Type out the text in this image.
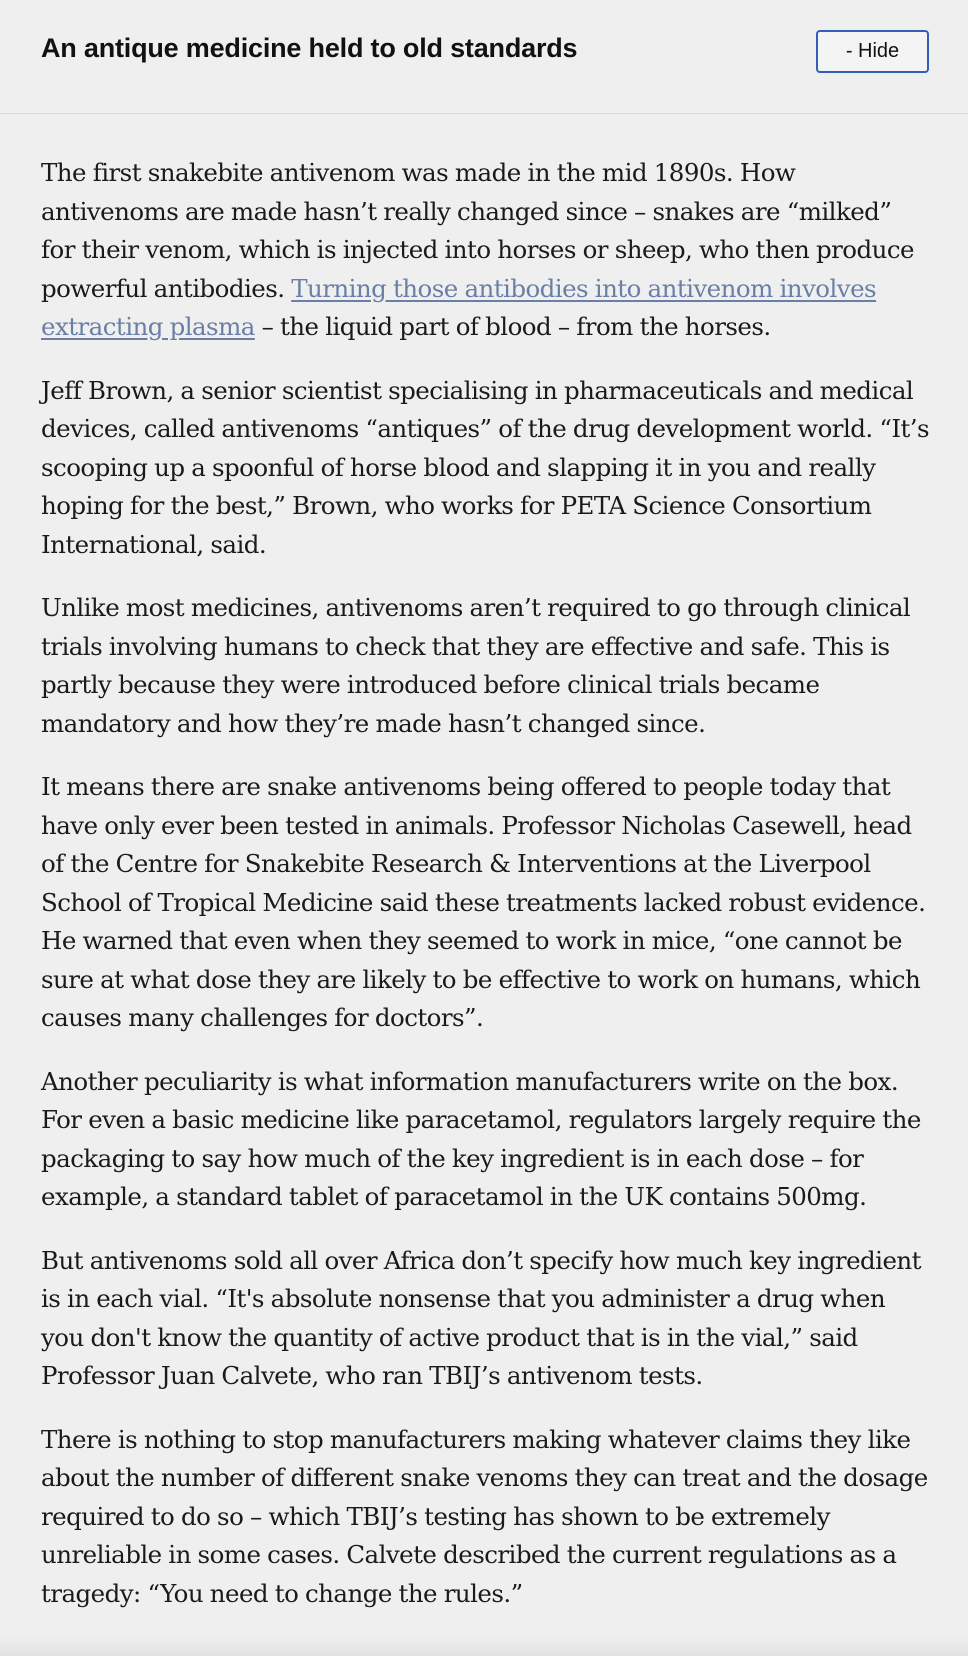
An antique medicine held to old standards	- Hide

The first snakebite antivenom was made in the mid 1890s. How antivenoms are made hasn’t really changed since – snakes are “milked” for their venom, which is injected into horses or sheep, who then produce powerful antibodies. Turning those antibodies into antivenom involves extracting plasma – the liquid part of blood – from the horses.

Jeff Brown, a senior scientist specialising in pharmaceuticals and medical devices, called antivenoms “antiques” of the drug development world. “It’s scooping up a spoonful of horse blood and slapping it in you and really hoping for the best,” Brown, who works for PETA Science Consortium International, said.

Unlike most medicines, antivenoms aren’t required to go through clinical trials involving humans to check that they are effective and safe. This is partly because they were introduced before clinical trials became mandatory and how they’re made hasn’t changed since.

It means there are snake antivenoms being offered to people today that have only ever been tested in animals. Professor Nicholas Casewell, head of the Centre for Snakebite Research & Interventions at the Liverpool School of Tropical Medicine said these treatments lacked robust evidence. He warned that even when they seemed to work in mice, “one cannot be sure at what dose they are likely to be effective to work on humans, which causes many challenges for doctors”.

Another peculiarity is what information manufacturers write on the box. For even a basic medicine like paracetamol, regulators largely require the packaging to say how much of the key ingredient is in each dose – for example, a standard tablet of paracetamol in the UK contains 500mg.

But antivenoms sold all over Africa don’t specify how much key ingredient is in each vial. “It's absolute nonsense that you administer a drug when you don't know the quantity of active product that is in the vial,” said Professor Juan Calvete, who ran TBIJ’s antivenom tests.

There is nothing to stop manufacturers making whatever claims they like about the number of different snake venoms they can treat and the dosage required to do so – which TBIJ’s testing has shown to be extremely unreliable in some cases. Calvete described the current regulations as a tragedy: “You need to change the rules.”
